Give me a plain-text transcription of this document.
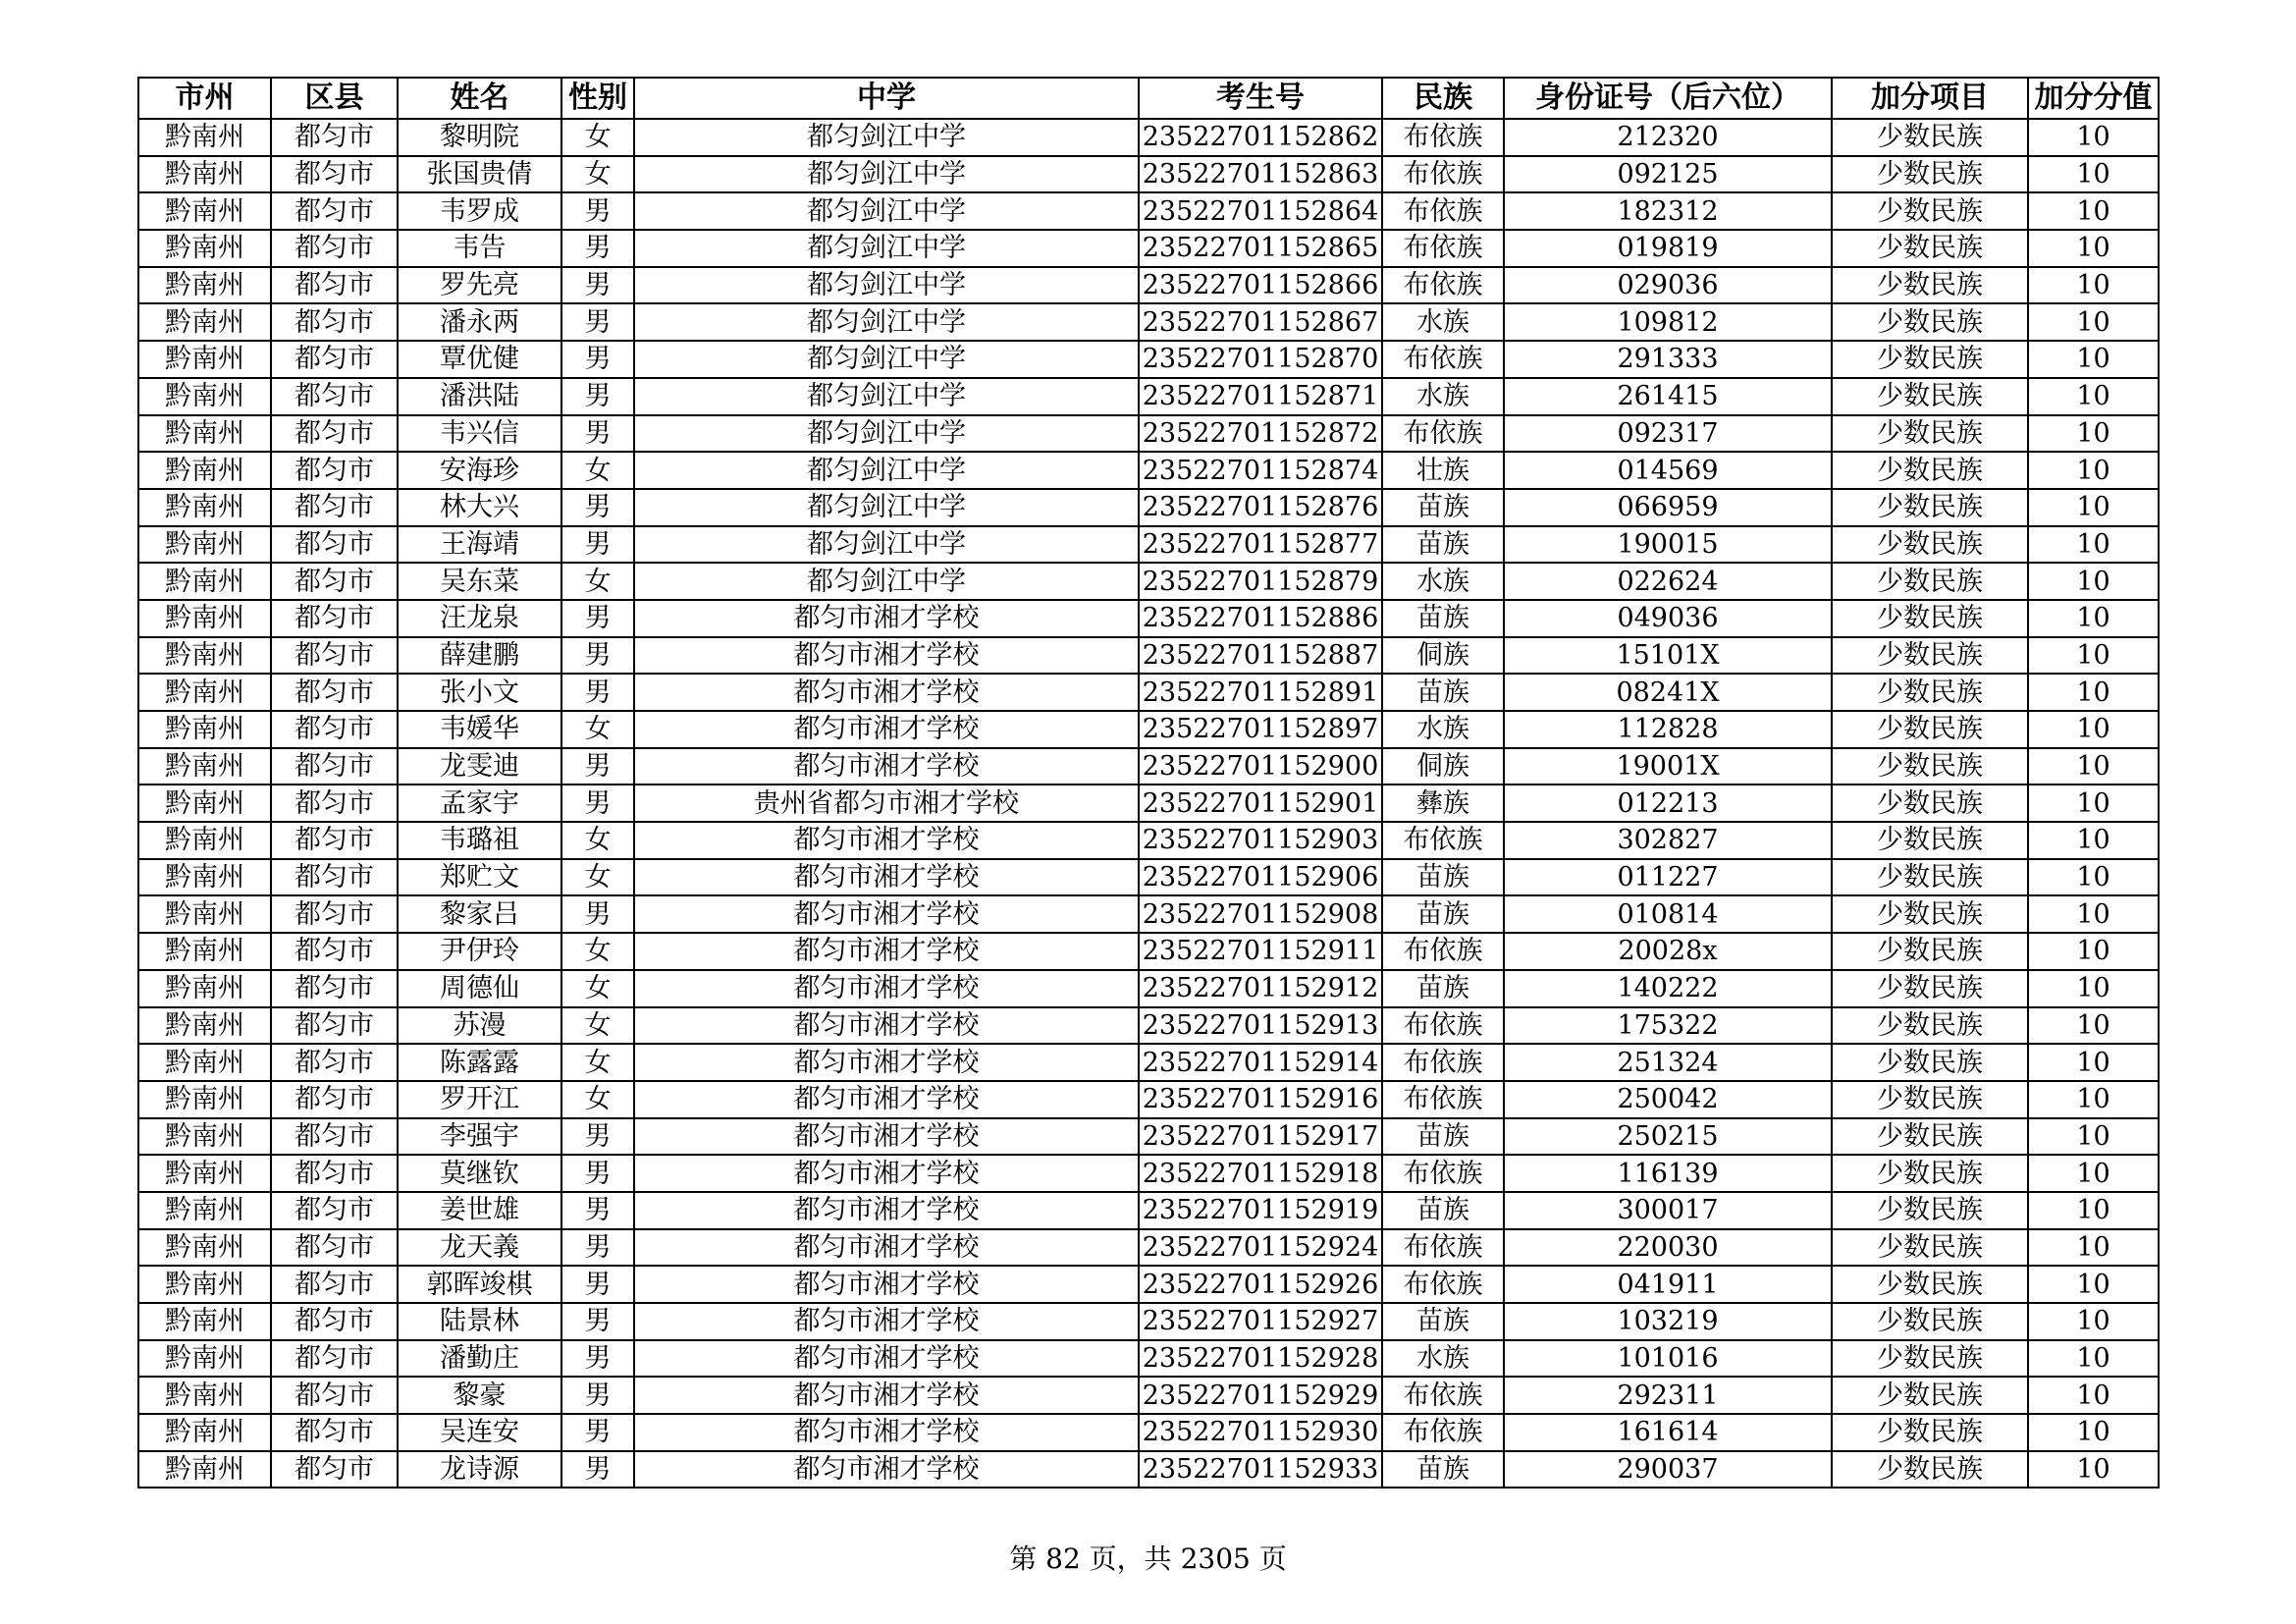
市州	区县	姓名	性别	中学	考生号	民族	身份证号（后六位）	加分项目	加分分值
黔南州	都匀市	黎明院	女	都匀剑江中学	23522701152862	布依族	212320	少数民族	10
黔南州	都匀市	张国贵倩	女	都匀剑江中学	23522701152863	布依族	092125	少数民族	10
黔南州	都匀市	韦罗成	男	都匀剑江中学	23522701152864	布依族	182312	少数民族	10
黔南州	都匀市	韦告	男	都匀剑江中学	23522701152865	布依族	019819	少数民族	10
黔南州	都匀市	罗先亮	男	都匀剑江中学	23522701152866	布依族	029036	少数民族	10
黔南州	都匀市	潘永两	男	都匀剑江中学	23522701152867	水族	109812	少数民族	10
黔南州	都匀市	覃优健	男	都匀剑江中学	23522701152870	布依族	291333	少数民族	10
黔南州	都匀市	潘洪陆	男	都匀剑江中学	23522701152871	水族	261415	少数民族	10
黔南州	都匀市	韦兴信	男	都匀剑江中学	23522701152872	布依族	092317	少数民族	10
黔南州	都匀市	安海珍	女	都匀剑江中学	23522701152874	壮族	014569	少数民族	10
黔南州	都匀市	林大兴	男	都匀剑江中学	23522701152876	苗族	066959	少数民族	10
黔南州	都匀市	王海靖	男	都匀剑江中学	23522701152877	苗族	190015	少数民族	10
黔南州	都匀市	吴东菜	女	都匀剑江中学	23522701152879	水族	022624	少数民族	10
黔南州	都匀市	汪龙泉	男	都匀市湘才学校	23522701152886	苗族	049036	少数民族	10
黔南州	都匀市	薛建鹏	男	都匀市湘才学校	23522701152887	侗族	15101X	少数民族	10
黔南州	都匀市	张小文	男	都匀市湘才学校	23522701152891	苗族	08241X	少数民族	10
黔南州	都匀市	韦媛华	女	都匀市湘才学校	23522701152897	水族	112828	少数民族	10
黔南州	都匀市	龙雯迪	男	都匀市湘才学校	23522701152900	侗族	19001X	少数民族	10
黔南州	都匀市	孟家宇	男	贵州省都匀市湘才学校	23522701152901	彝族	012213	少数民族	10
黔南州	都匀市	韦璐祖	女	都匀市湘才学校	23522701152903	布依族	302827	少数民族	10
黔南州	都匀市	郑贮文	女	都匀市湘才学校	23522701152906	苗族	011227	少数民族	10
黔南州	都匀市	黎家吕	男	都匀市湘才学校	23522701152908	苗族	010814	少数民族	10
黔南州	都匀市	尹伊玲	女	都匀市湘才学校	23522701152911	布依族	20028x	少数民族	10
黔南州	都匀市	周德仙	女	都匀市湘才学校	23522701152912	苗族	140222	少数民族	10
黔南州	都匀市	苏漫	女	都匀市湘才学校	23522701152913	布依族	175322	少数民族	10
黔南州	都匀市	陈露露	女	都匀市湘才学校	23522701152914	布依族	251324	少数民族	10
黔南州	都匀市	罗开江	女	都匀市湘才学校	23522701152916	布依族	250042	少数民族	10
黔南州	都匀市	李强宇	男	都匀市湘才学校	23522701152917	苗族	250215	少数民族	10
黔南州	都匀市	莫继钦	男	都匀市湘才学校	23522701152918	布依族	116139	少数民族	10
黔南州	都匀市	姜世雄	男	都匀市湘才学校	23522701152919	苗族	300017	少数民族	10
黔南州	都匀市	龙天義	男	都匀市湘才学校	23522701152924	布依族	220030	少数民族	10
黔南州	都匀市	郭晖竣棋	男	都匀市湘才学校	23522701152926	布依族	041911	少数民族	10
黔南州	都匀市	陆景林	男	都匀市湘才学校	23522701152927	苗族	103219	少数民族	10
黔南州	都匀市	潘勤庄	男	都匀市湘才学校	23522701152928	水族	101016	少数民族	10
黔南州	都匀市	黎豪	男	都匀市湘才学校	23522701152929	布依族	292311	少数民族	10
黔南州	都匀市	吴连安	男	都匀市湘才学校	23522701152930	布依族	161614	少数民族	10
黔南州	都匀市	龙诗源	男	都匀市湘才学校	23522701152933	苗族	290037	少数民族	10
第 82 页，共 2305 页
